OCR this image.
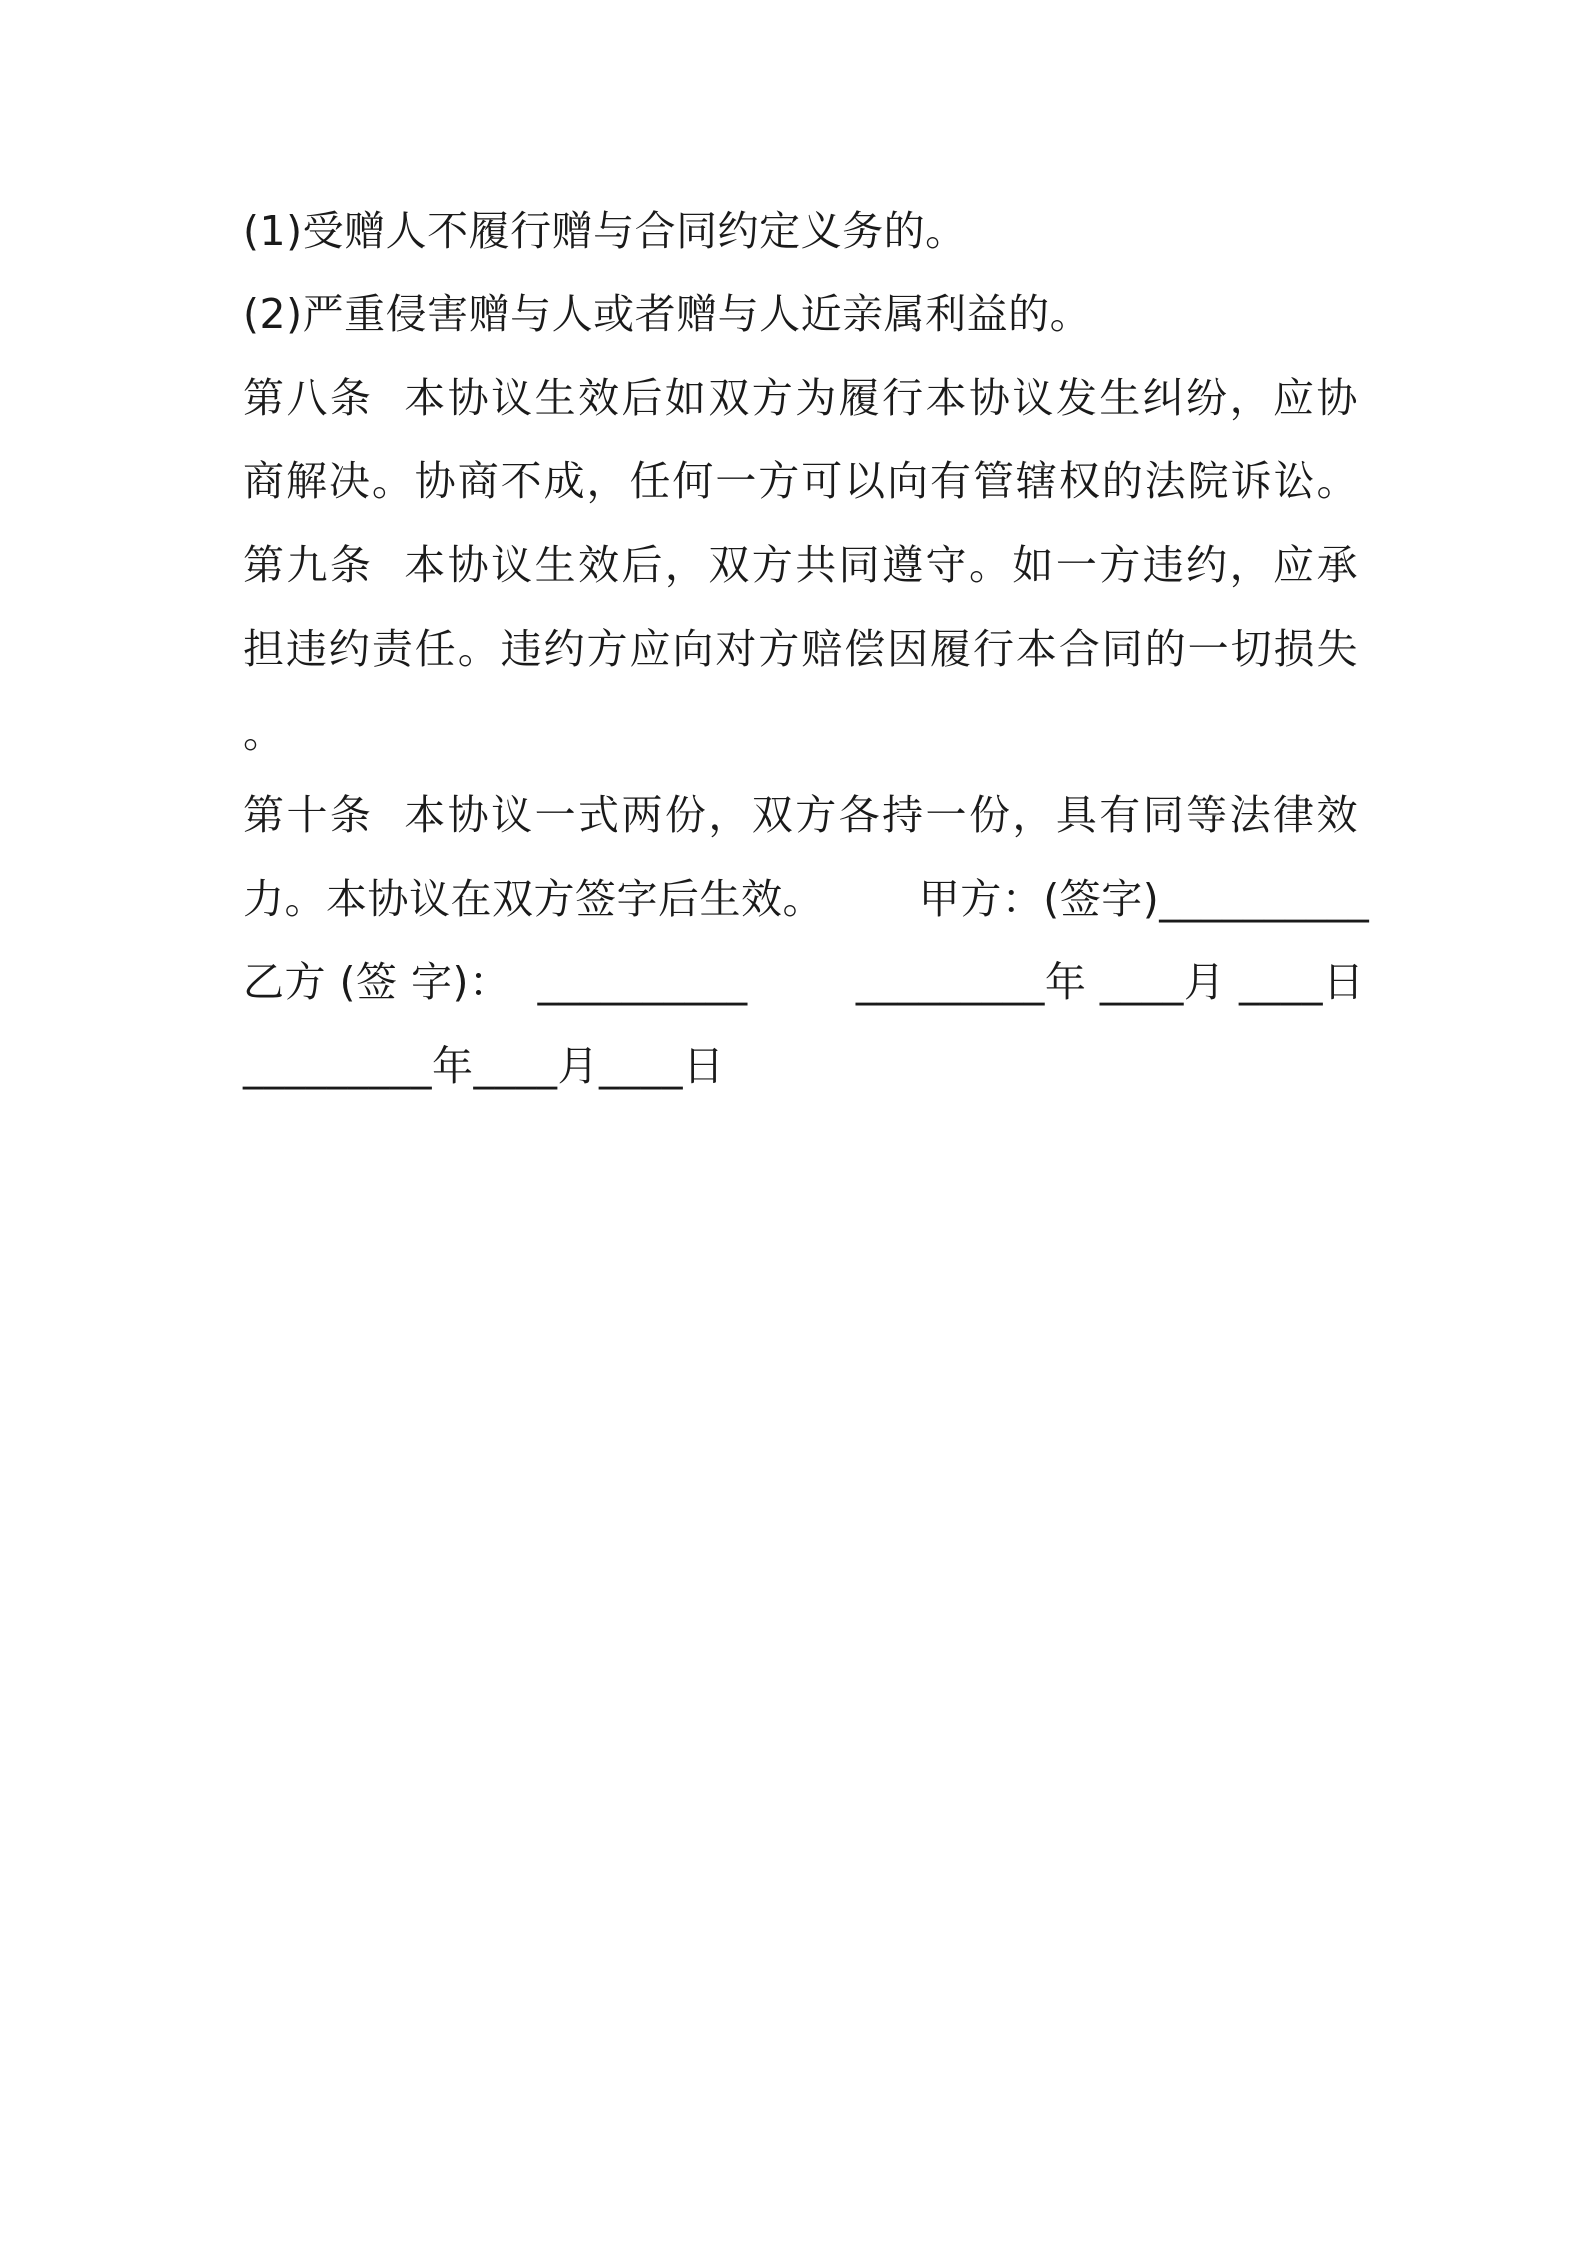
(1)受赠人不履行赠与合同约定义务的。
(2)严重侵害赠与人或者赠与人近亲属利益的。
第八条  本协议生效后如双方为履行本协议发生纠纷，应协
商解决。协商不成，任何一方可以向有管辖权的法院诉讼。
第九条  本协议生效后，双方共同遵守。如一方违约，应承
担违约责任。违约方应向对方赔偿因履行本合同的一切损失
。
第十条  本协议一式两份，双方各持一份，具有同等法律效
力。本协议在双方签字后生效。       甲方：(签字)__________
乙方 (签 字)：  __________        _________年 ____月 ____日
_________年____月____日
